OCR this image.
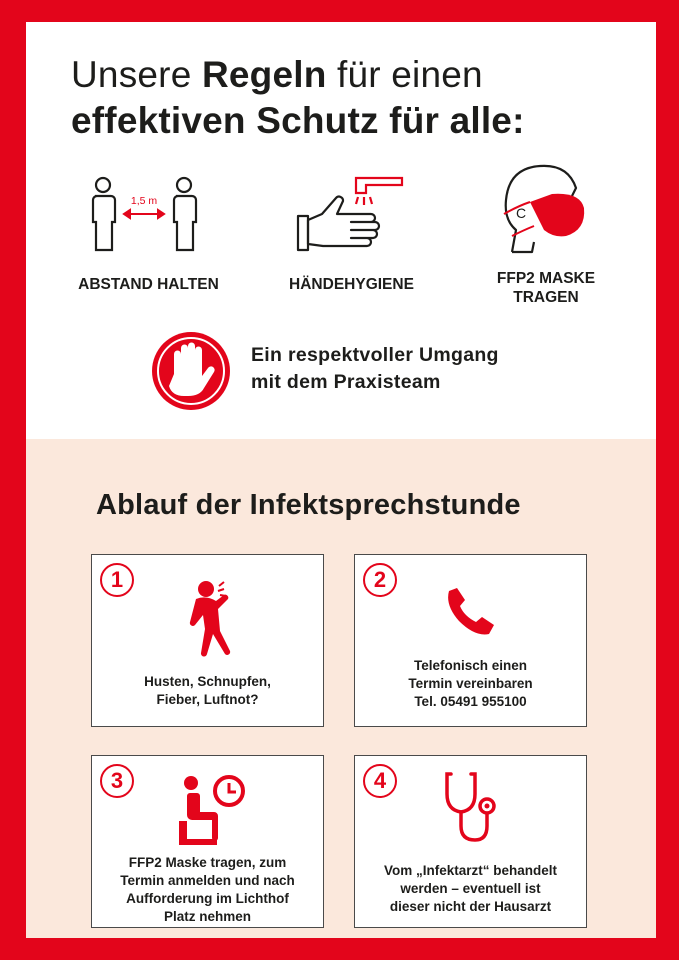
Unsere Regeln für einen
effektiven Schutz für alle:
1,5 m
ABSTAND HALTEN	HÄNDEHYGIENE
C
FFP2 MASKE
TRAGEN
Ein respektvoller Umgang
mit dem Praxisteam
Ablauf der Infektsprechstunde
1
Husten, Schnupfen,
Fieber, Luftnot?
2
Telefonisch einen
Termin vereinbaren
Tel. 05491 955100
3
FFP2 Maske tragen, zum
Termin anmelden und nach
Aufforderung im Lichthof
Platz nehmen
4
Vom „Infektarzt“ behandelt
werden – eventuell ist
dieser nicht der Hausarzt
